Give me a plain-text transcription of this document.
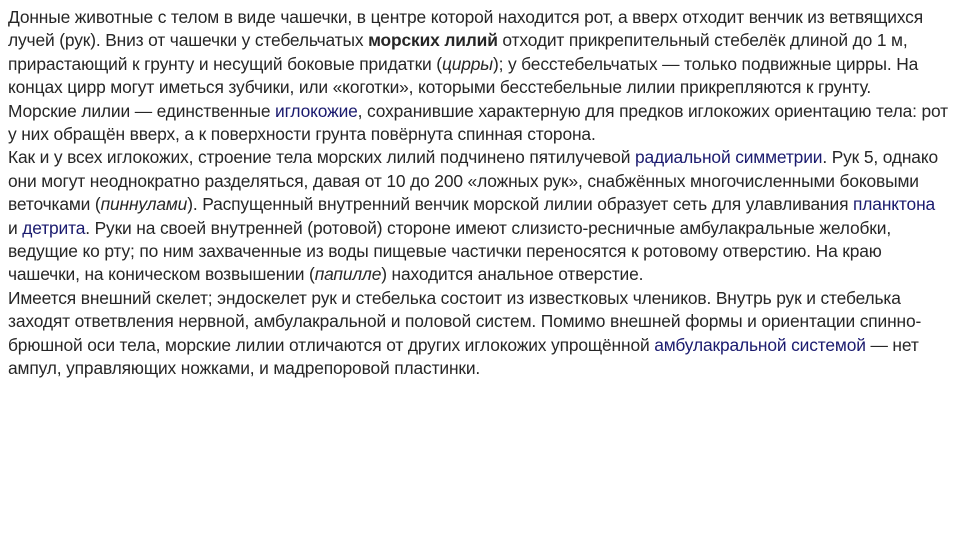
Донные животные с телом в виде чашечки, в центре которой находится рот, а вверх отходит венчик из ветвящихся лучей (рук). Вниз от чашечки у стебельчатых морских лилий отходит прикрепительный стебелёк длиной до 1 м, прирастающий к грунту и несущий боковые придатки (цирры); у бесстебельчатых — только подвижные цирры. На концах цирр могут иметься зубчики, или «коготки», которыми бесстебельные лилии прикрепляются к грунту.

Морские лилии — единственные иглокожие, сохранившие характерную для предков иглокожих ориентацию тела: рот у них обращён вверх, а к поверхности грунта повёрнута спинная сторона.

Как и у всех иглокожих, строение тела морских лилий подчинено пятилучевой радиальной симметрии. Рук 5, однако они могут неоднократно разделяться, давая от 10 до 200 «ложных рук», снабжённых многочисленными боковыми веточками (пиннулами). Распущенный внутренний венчик морской лилии образует сеть для улавливания планктона и детрита. Руки на своей внутренней (ротовой) стороне имеют слизисто-ресничные амбулакральные желобки, ведущие ко рту; по ним захваченные из воды пищевые частички переносятся к ротовому отверстию. На краю чашечки, на коническом возвышении (папилле) находится анальное отверстие.

Имеется внешний скелет; эндоскелет рук и стебелька состоит из известковых члеников. Внутрь рук и стебелька заходят ответвления нервной, амбулакральной и половой систем. Помимо внешней формы и ориентации спинно-брюшной оси тела, морские лилии отличаются от других иглокожих упрощённой амбулакральной системой — нет ампул, управляющих ножками, и мадрепоровой пластинки.
